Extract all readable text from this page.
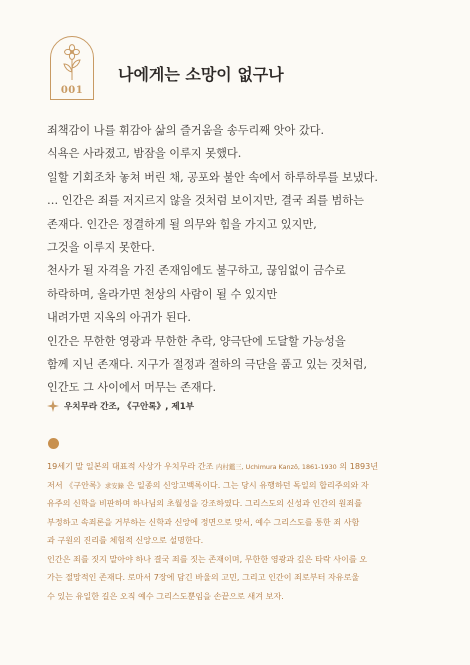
001
나에게는 소망이 없구나

죄책감이 나를 휘감아 삶의 즐거움을 송두리째 앗아 갔다.

식욕은 사라졌고, 밤잠을 이루지 못했다.

일할 기회조차 놓쳐 버린 채, 공포와 불안 속에서 하루하루를 보냈다.

… 인간은 죄를 저지르지 않을 것처럼 보이지만, 결국 죄를 범하는

존재다. 인간은 정결하게 될 의무와 힘을 가지고 있지만,

그것을 이루지 못한다.

천사가 될 자격을 가진 존재임에도 불구하고, 끊임없이 금수로

하락하며, 올라가면 천상의 사람이 될 수 있지만

내려가면 지옥의 아귀가 된다.

인간은 무한한 영광과 무한한 추락, 양극단에 도달할 가능성을

함께 지닌 존재다. 지구가 절정과 절하의 극단을 품고 있는 것처럼,

인간도 그 사이에서 머무는 존재다.

우치무라 간조, 《구안록》, 제1부

19세기 말 일본의 대표적 사상가 우치무라 간조 内村鑑三, Uchimura Kanzō, 1861-1930 의 1893년

저서 《구안록》求安錄 은 일종의 신앙고백록이다. 그는 당시 유행하던 독일의 합리주의와 자

유주의 신학을 비판하며 하나님의 초월성을 강조하였다. 그리스도의 신성과 인간의 원죄를

부정하고 속죄론을 거부하는 신학과 신앙에 정면으로 맞서, 예수 그리스도를 통한 죄 사함

과 구원의 진리를 체험적 신앙으로 설명한다.

인간은 죄를 짓지 말아야 하나 결국 죄를 짓는 존재이며, 무한한 영광과 깊은 타락 사이를 오

가는 절망적인 존재다. 로마서 7장에 담긴 바울의 고민, 그리고 인간이 죄로부터 자유로울

수 있는 유일한 길은 오직 예수 그리스도뿐임을 손끝으로 새겨 보자.
